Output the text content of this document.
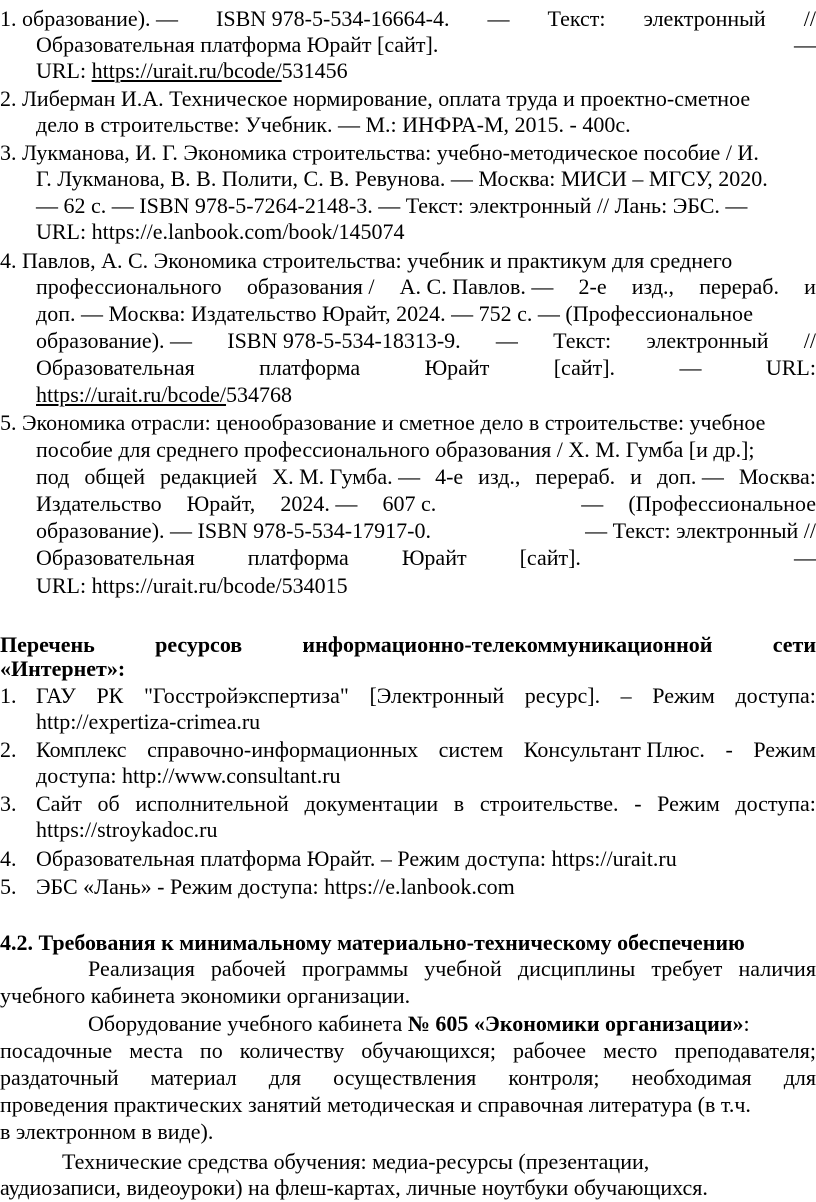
1. образование). — ISBN 978-5-534-16664-4. — Текст: электронный //
Образовательная платформа Юрайт [сайт].	—
URL: https://urait.ru/bcode/531456
2. Либерман И.А. Техническое нормирование, оплата труда и проектно-сметное
дело в строительстве: Учебник. — М.: ИНФРА-М, 2015. - 400с.
3. Лукманова, И. Г. Экономика строительства: учебно-методическое пособие / И.
Г. Лукманова, В. В. Полити, С. В. Ревунова. — Москва: МИСИ – МГСУ, 2020.
— 62 с. — ISBN 978-5-7264-2148-3. — Текст: электронный // Лань: ЭБС. —
URL: https://e.lanbook.com/book/145074
4. Павлов, А. С. Экономика строительства: учебник и практикум для среднего
профессионального образования / А. С. Павлов. — 2-е изд., перераб. и
доп. — Москва: Издательство Юрайт, 2024. — 752 с. — (Профессиональное
образование). — ISBN 978-5-534-18313-9. — Текст: электронный //
Образовательная	платформа	Юрайт	[сайт].	—	URL:
https://urait.ru/bcode/534768
5. Экономика отрасли: ценообразование и сметное дело в строительстве: учебное
пособие для среднего профессионального образования / Х. М. Гумба [и др.];
под общей редакцией Х. М. Гумба. — 4-е изд., перераб. и доп. — Москва:
Издательство Юрайт, 2024. — 607 с.	— (Профессиональное
образование). — ISBN 978-5-534-17917-0.	— Текст: электронный //
Образовательная платформа Юрайт [сайт].	—
URL: https://urait.ru/bcode/534015
Перечень	ресурсов	информационно-телекоммуникационной	сети
«Интернет»:
1. ГАУ РК "Госстройэкспертиза" [Электронный ресурс]. – Режим доступа:
http://expertiza-crimea.ru
2. Комплекс справочно-информационных систем Консультант Плюс. - Режим
доступа: http://www.consultant.ru
3. Сайт об исполнительной документации в строительстве. - Режим доступа:
https://stroykadoc.ru
4. Образовательная платформа Юрайт. – Режим доступа: https://urait.ru
5. ЭБС «Лань» - Режим доступа: https://e.lanbook.com
4.2. Требования к минимальному материально-техническому обеспечению
Реализация рабочей программы учебной дисциплины требует наличия
учебного кабинета экономики организации.
Оборудование учебного кабинета № 605 «Экономики организации»:
посадочные места по количеству обучающихся; рабочее место преподавателя;
раздаточный материал для осуществления контроля; необходимая для
проведения практических занятий методическая и справочная литература (в т.ч.
в электронном в виде).
Технические средства обучения: медиа-ресурсы (презентации,
аудиозаписи, видеоуроки) на флеш-картах, личные ноутбуки обучающихся.
